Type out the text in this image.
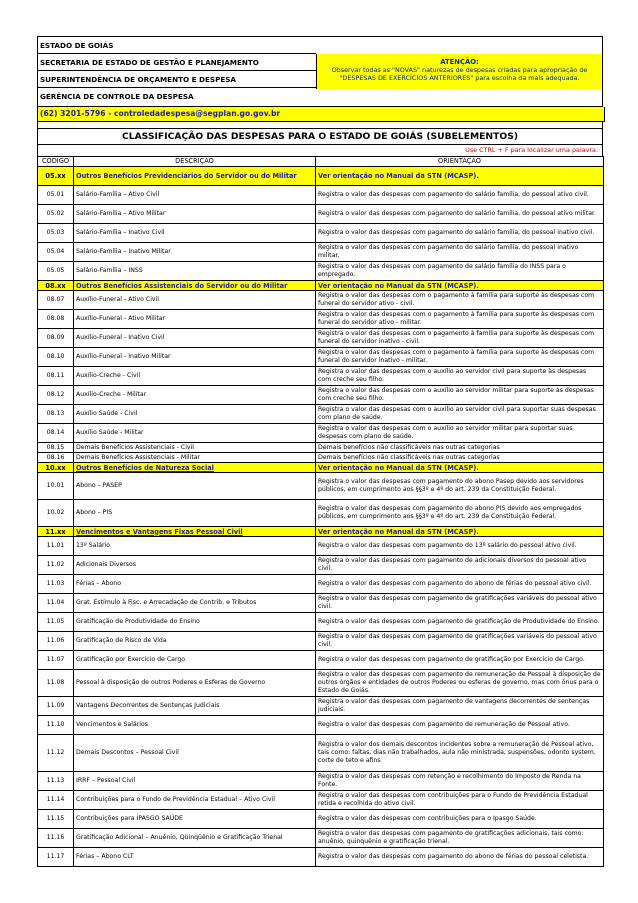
ESTADO DE GOIÁS
SECRETARIA DE ESTADO DE GESTÃO E PLANEJAMENTO
SUPERINTENDÊNCIA DE ORÇAMENTO E DESPESA
GERÊNCIA DE CONTROLE DA DESPESA
ATENÇÃO:
Observar todas as "NOVAS" naturezas de despesas criadas para apropriação de "DESPESAS DE EXERCÍCIOS ANTERIORES" para escolha da mais adequada.
(62) 3201-5796 - controledadespesa@segplan.go.gov.br
CLASSIFICAÇÃO DAS DESPESAS PARA O ESTADO DE GOIÁS (SUBELEMENTOS)
Use CTRL + F para localizar uma palavra.
CÓDIGO	DESCRIÇÃO	ORIENTAÇÃO
05.xx	Outros Benefícios Previdenciários do Servidor ou do Militar	Ver orientação no Manual da STN (MCASP).
05.01	Salário-Família – Ativo Civil	Registra o valor das despesas com pagamento do salário família, do pessoal ativo civil.
05.02	Salário-Família – Ativo Militar	Registra o valor das despesas com pagamento do salário família, do pessoal ativo militar.
05.03	Salário-Família – Inativo Civil	Registra o valor das despesas com pagamento do salário família, do pessoal inativo civil.
05.04	Salário-Família – Inativo Militar	Registra o valor das despesas com pagamento do salário família, do pessoal inativo militar.
05.05	Salário-Família – INSS	Registra o valor das despesas com pagamento de salário família do INSS para o empregado.
08.xx	Outros Benefícios Assistenciais do Servidor ou do Militar	Ver orientação no Manual da STN (MCASP).
08.07	Auxílio-Funeral - Ativo Civil	Registra o valor das despesas com o pagamento à família para suporte às despesas com funeral do servidor ativo - civil.
08.08	Auxílio-Funeral - Ativo Militar	Registra o valor das despesas com o pagamento à família para suporte às despesas com funeral do servidor ativo - militar.
08.09	Auxílio-Funeral - Inativo Civil	Registra o valor das despesas com o pagamento à família para suporte às despesas com funeral do servidor inativo - civil.
08.10	Auxílio-Funeral - Inativo Militar	Registra o valor das despesas com o pagamento à família para suporte às despesas com funeral do servidor inativo - militar.
08.11	Auxílio-Creche - Civil	Registra o valor das despesas com o auxílio ao servidor civil para suporte às despesas com creche seu filho.
08.12	Auxílio-Creche - Militar	Registra o valor das despesas com o auxílio ao servidor militar para suporte às despesas com creche seu filho.
08.13	Auxílio Saúde - Civil	Registra o valor das despesas com o auxílio ao servidor civil para suportar suas despesas com plano de saúde.
08.14	Auxílio Saúde - Militar	Registra o valor das despesas com o auxílio ao servidor militar para suportar suas despesas com plano de saúde.
08.15	Demais Benefícios Assistenciais - Civil	Demais benefícios não classificáveis nas outras categorias
08.16	Demais Benefícios Assistenciais - Militar	Demais benefícios não classificáveis nas outras categorias
10.xx	Outros Benefícios de Natureza Social	Ver orientação no Manual da STN (MCASP).
10.01	Abono – PASEP	Registra o valor das despesas com pagamento do abono Pasep devido aos servidores públicos, em cumprimento aos §§3º e 4º do art. 239 da Constituição Federal.
10.02	Abono – PIS	Registra o valor das despesas com pagamento do abono PIS devido aos empregados públicos, em cumprimento aos §§3º e 4º do art. 239 da Constituição Federal.
11.xx	Vencimentos e Vantagens Fixas Pessoal Civil	Ver orientação no Manual da STN (MCASP).
11.01	13º Salário	Registra o valor das despesas com pagamento do 13º salário do pessoal ativo civil.
11.02	Adicionais Diversos	Registra o valor das despesas com pagamento de adicionais diversos do pessoal ativo civil.
11.03	Férias – Abono	Registra o valor das despesas com pagamento do abono de férias do pessoal ativo civil.
11.04	Grat. Estímulo à Fisc. e Arrecadação de Contrib. e Tributos	Registra o valor das despesas com pagamento de gratificações variáveis do pessoal ativo civil.
11.05	Gratificação de Produtividade do Ensino	Registra o valor das despesas com pagamento de gratificação de Produtividade do Ensino.
11.06	Gratificação de Risco de Vida	Registra o valor das despesas com pagamento de gratificações variáveis do pessoal ativo civil.
11.07	Gratificação por Exercício de Cargo	Registra o valor das despesas com pagamento de gratificação por Exercício de Cargo.
11.08	Pessoal à disposição de outros Poderes e Esferas de Governo	Registra o valor das despesas com pagamento de remuneração de Pessoal à disposição de outros órgãos e entidades de outros Poderes ou esferas de governo, mas com ônus para o Estado de Goiás.
11.09	Vantagens Decorrentes de Sentenças Judiciais	Registra o valor das despesas com pagamento de vantagens decorrentes de sentenças judiciais.
11.10	Vencimentos e Salários	Registra o valor das despesas com pagamento de remuneração de Pessoal ativo.
11.12	Demais Descontos – Pessoal Civil	Registra o valor dos demais descontos incidentes sobre a remuneração de Pessoal ativo, tais como: faltas, dias não trabalhados, aula não ministrada, suspensões, odonto system, corte de teto e afins
11.13	IRRF – Pessoal Civil	Registra o valor das despesas com retenção e recolhimento do Imposto de Renda na Fonte.
11.14	Contribuições para o Fundo de Previdência Estadual – Ativo Civil	Registra o valor das despesas com contribuições para o Fundo de Previdência Estadual retida e recolhida do ativo civil.
11.15	Contribuições para IPASGO SAÚDE	Registra o valor das despesas com contribuições para o Ipasgo Saúde.
11.16	Gratificação Adicional – Anuênio, Qüinqüênio e Gratificação Trienal	Registra o valor das despesas com pagamento de gratificações adicionais, tais como: anuênio, quinquênio e gratificação trienal.
11.17	Férias – Abono CLT	Registra o valor das despesas com pagamento do abono de férias do pessoal celetista.
